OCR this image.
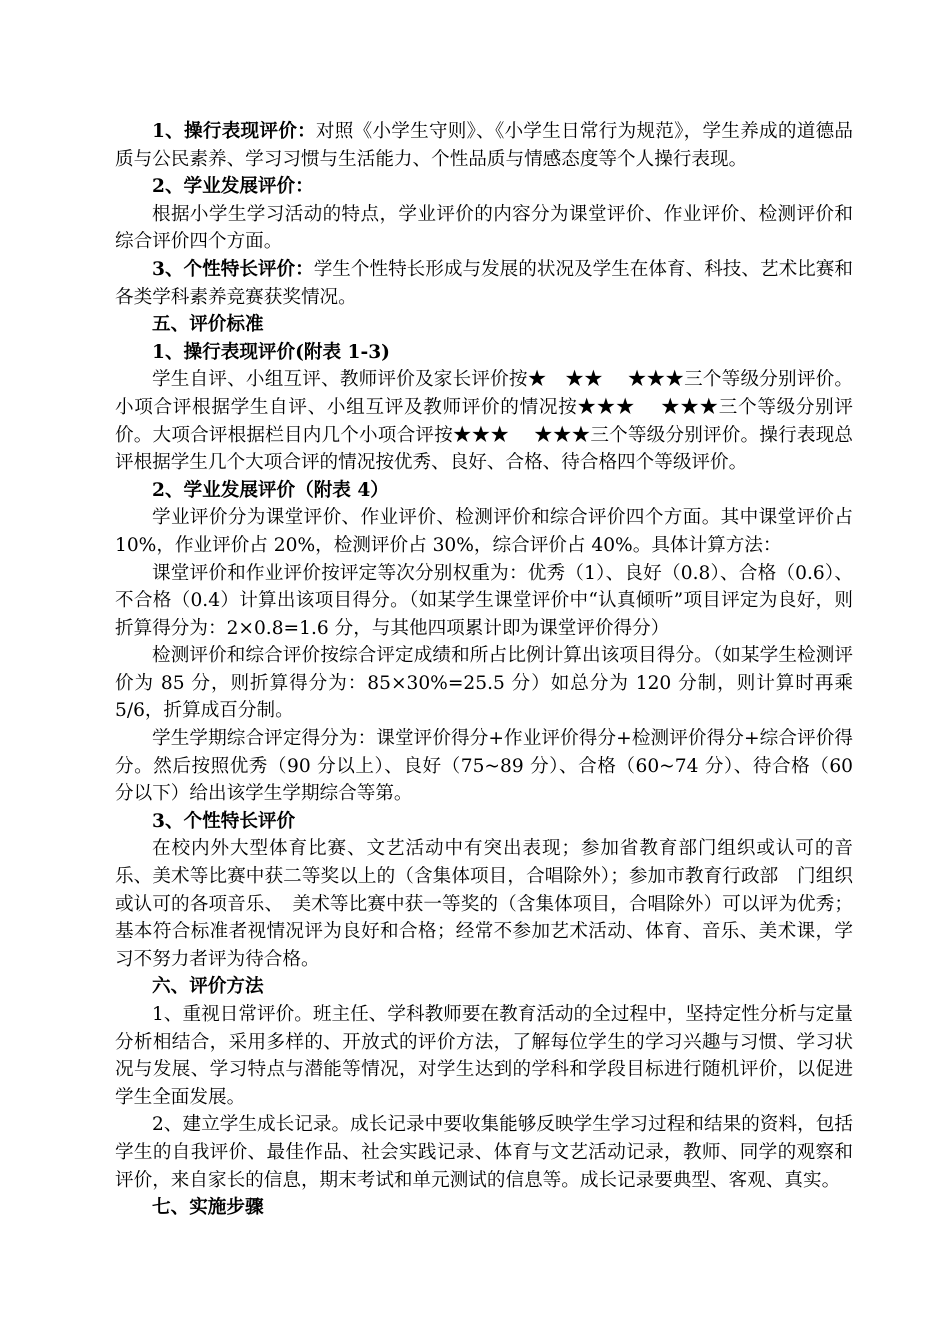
1、操行表现评价：对照《小学生守则》、《小学生日常行为规范》，学生养成的道德品质与公民素养、学习习惯与生活能力、个性品质与情感态度等个人操行表现。

2、学业发展评价：

根据小学生学习活动的特点，学业评价的内容分为课堂评价、作业评价、检测评价和综合评价四个方面。

3、个性特长评价：学生个性特长形成与发展的状况及学生在体育、科技、艺术比赛和各类学科素养竞赛获奖情况。

五、评价标准

1、操行表现评价(附表 1-3)

学生自评、小组互评、教师评价及家长评价按★　★★　 ★★★三个等级分别评价。小项合评根据学生自评、小组互评及教师评价的情况按★★★　 ★★★三个等级分别评价。大项合评根据栏目内几个小项合评按★★★　 ★★★三个等级分别评价。操行表现总评根据学生几个大项合评的情况按优秀、良好、合格、待合格四个等级评价。

2、学业发展评价（附表 4）

学业评价分为课堂评价、作业评价、检测评价和综合评价四个方面。其中课堂评价占 10%，作业评价占 20%，检测评价占 30%，综合评价占 40%。具体计算方法：

课堂评价和作业评价按评定等次分别权重为：优秀（1）、良好（0.8）、合格（0.6）、不合格（0.4）计算出该项目得分。（如某学生课堂评价中“认真倾听”项目评定为良好，则折算得分为：2×0.8=1.6 分，与其他四项累计即为课堂评价得分）

检测评价和综合评价按综合评定成绩和所占比例计算出该项目得分。（如某学生检测评价为 85 分，则折算得分为：85×30%=25.5 分）如总分为 120 分制，则计算时再乘 5/6，折算成百分制。

学生学期综合评定得分为：课堂评价得分+作业评价得分+检测评价得分+综合评价得分。然后按照优秀（90 分以上）、良好（75~89 分）、合格（60~74 分）、待合格（60 分以下）给出该学生学期综合等第。

3、个性特长评价

在校内外大型体育比赛、文艺活动中有突出表现；参加省教育部门组织或认可的音乐、美术等比赛中获二等奖以上的（含集体项目，合唱除外）；参加市教育行政部　门组织或认可的各项音乐、　美术等比赛中获一等奖的（含集体项目，合唱除外）可以评为优秀；基本符合标准者视情况评为良好和合格；经常不参加艺术活动、体育、音乐、美术课，学习不努力者评为待合格。

六、评价方法

1、重视日常评价。班主任、学科教师要在教育活动的全过程中，坚持定性分析与定量分析相结合，采用多样的、开放式的评价方法，了解每位学生的学习兴趣与习惯、学习状况与发展、学习特点与潜能等情况，对学生达到的学科和学段目标进行随机评价，以促进学生全面发展。

2、建立学生成长记录。成长记录中要收集能够反映学生学习过程和结果的资料，包括学生的自我评价、最佳作品、社会实践记录、体育与文艺活动记录，教师、同学的观察和评价，来自家长的信息，期末考试和单元测试的信息等。成长记录要典型、客观、真实。

七、实施步骤
